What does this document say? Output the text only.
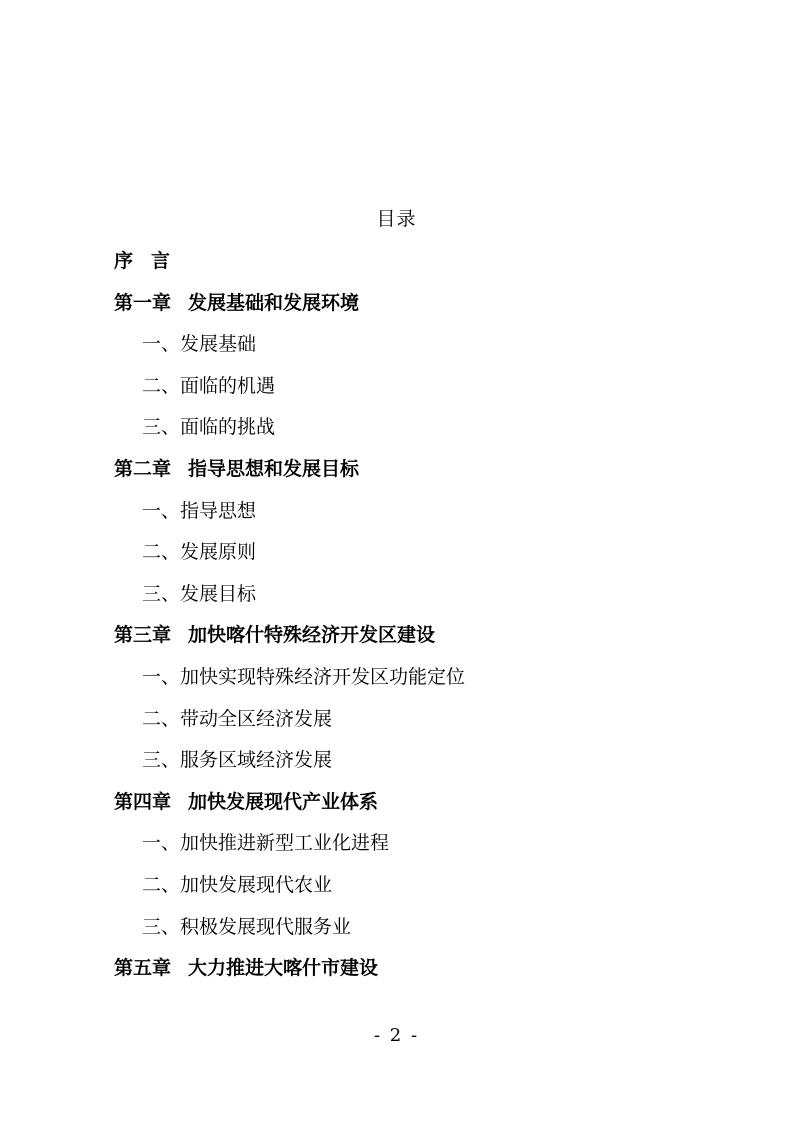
目录
序言
第一章 发展基础和发展环境
一、发展基础
二、面临的机遇
三、面临的挑战
第二章 指导思想和发展目标
一、指导思想
二、发展原则
三、发展目标
第三章 加快喀什特殊经济开发区建设
一、加快实现特殊经济开发区功能定位
二、带动全区经济发展
三、服务区域经济发展
第四章 加快发展现代产业体系
一、加快推进新型工业化进程
二、加快发展现代农业
三、积极发展现代服务业
第五章 大力推进大喀什市建设
- 2 -
